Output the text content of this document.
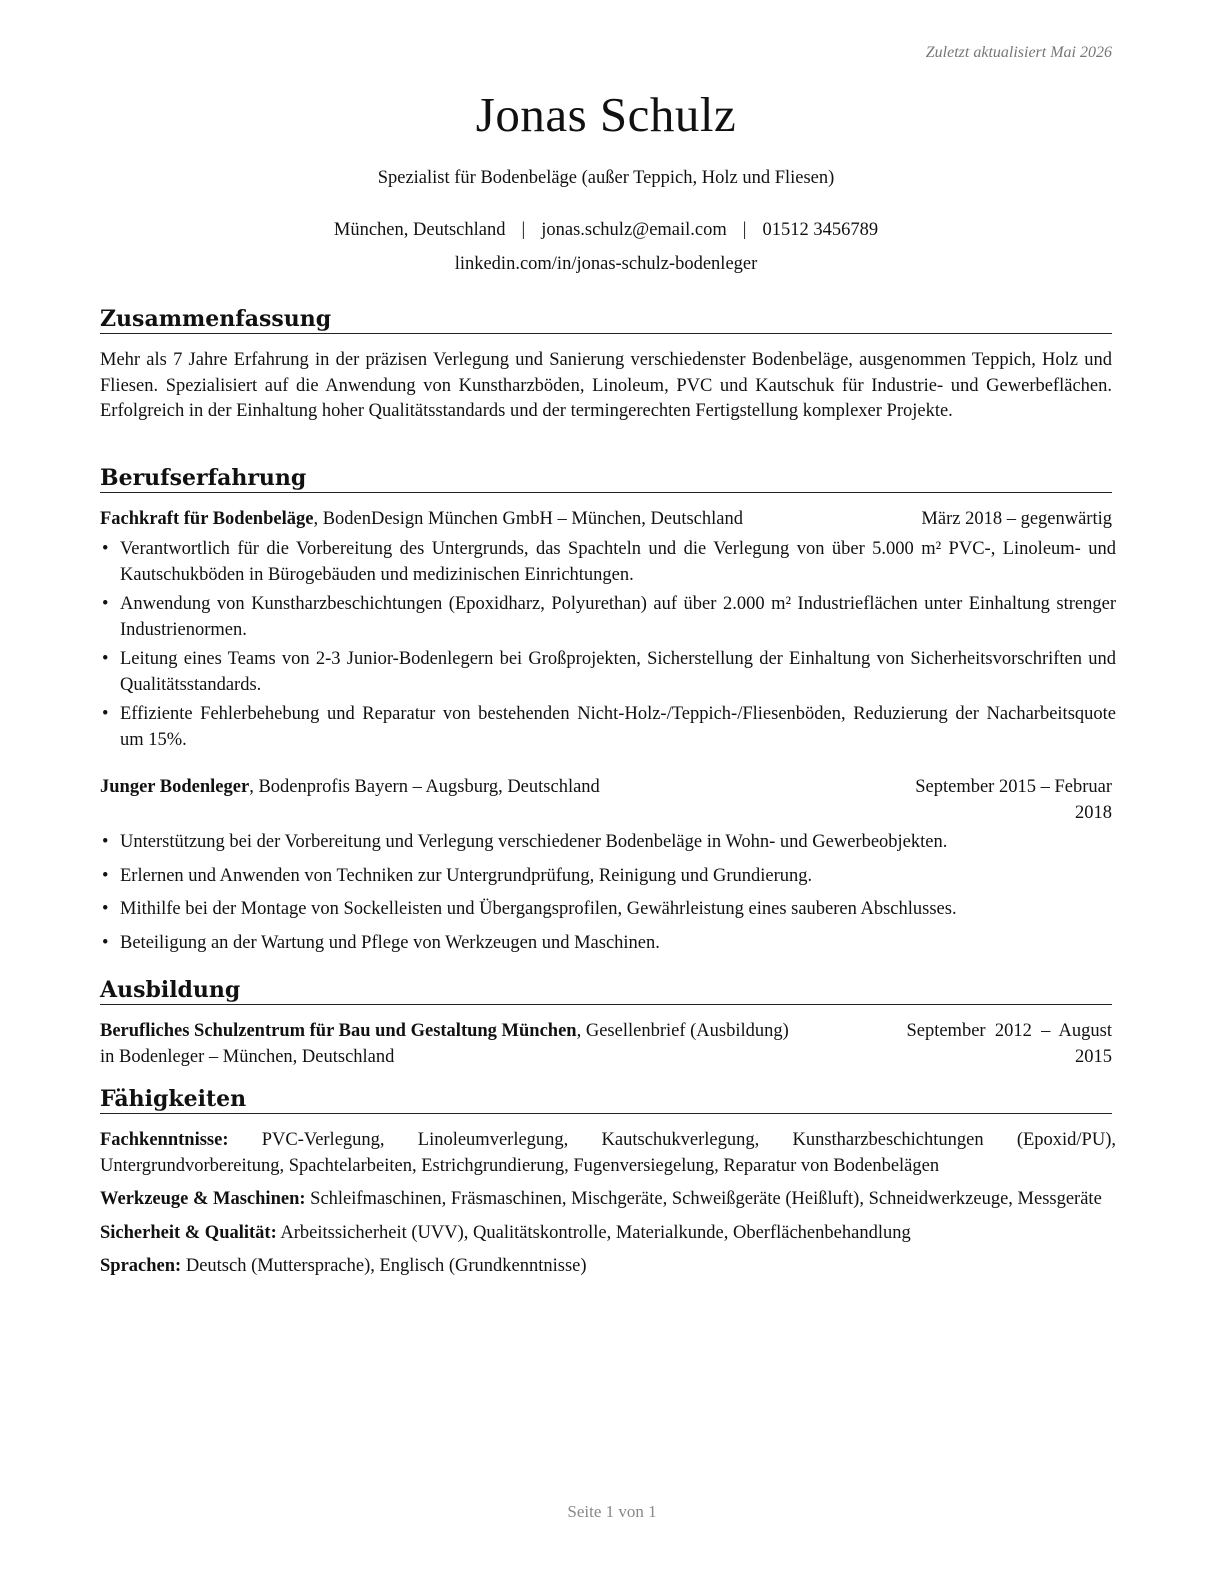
Zuletzt aktualisiert Mai 2026
Jonas Schulz
Spezialist für Bodenbeläge (außer Teppich, Holz und Fliesen)
München, Deutschland | jonas.schulz@email.com | 01512 3456789
linkedin.com/in/jonas-schulz-bodenleger
Zusammenfassung
Mehr als 7 Jahre Erfahrung in der präzisen Verlegung und Sanierung verschiedenster Bodenbeläge, ausgenommen Teppich, Holz und Fliesen. Spezialisiert auf die Anwendung von Kunstharzböden, Linoleum, PVC und Kautschuk für Industrie- und Gewerbeflächen. Erfolgreich in der Einhaltung hoher Qualitätsstandards und der termingerechten Fertigstellung komplexer Projekte.
Berufserfahrung
Fachkraft für Bodenbeläge, BodenDesign München GmbH – München, Deutschland	März 2018 – gegenwärtig
• Verantwortlich für die Vorbereitung des Untergrunds, das Spachteln und die Verlegung von über 5.000 m² PVC-, Linoleum- und Kautschukböden in Bürogebäuden und medizinischen Einrichtungen.
• Anwendung von Kunstharzbeschichtungen (Epoxidharz, Polyurethan) auf über 2.000 m² Industrieflächen unter Einhaltung strenger Industrienormen.
• Leitung eines Teams von 2-3 Junior-Bodenlegern bei Großprojekten, Sicherstellung der Einhaltung von Sicherheitsvorschriften und Qualitätsstandards.
• Effiziente Fehlerbehebung und Reparatur von bestehenden Nicht-Holz-/Teppich-/Fliesenböden, Reduzierung der Nacharbeitsquote um 15%.
Junger Bodenleger, Bodenprofis Bayern – Augsburg, Deutschland	September 2015 – Februar
2018
• Unterstützung bei der Vorbereitung und Verlegung verschiedener Bodenbeläge in Wohn- und Gewerbeobjekten.
• Erlernen und Anwenden von Techniken zur Untergrundprüfung, Reinigung und Grundierung.
• Mithilfe bei der Montage von Sockelleisten und Übergangsprofilen, Gewährleistung eines sauberen Abschlusses.
• Beteiligung an der Wartung und Pflege von Werkzeugen und Maschinen.
Ausbildung
Berufliches Schulzentrum für Bau und Gestaltung München, Gesellenbrief (Ausbildung)
in Bodenleger – München, Deutschland
September  2012  –  August
2015
Fähigkeiten
Fachkenntnisse: PVC-Verlegung, Linoleumverlegung, Kautschukverlegung, Kunstharzbeschichtungen (Epoxid/PU), Untergrundvorbereitung, Spachtelarbeiten, Estrichgrundierung, Fugenversiegelung, Reparatur von Bodenbelägen
Werkzeuge & Maschinen: Schleifmaschinen, Fräsmaschinen, Mischgeräte, Schweißgeräte (Heißluft), Schneidwerkzeuge, Messgeräte
Sicherheit & Qualität: Arbeitssicherheit (UVV), Qualitätskontrolle, Materialkunde, Oberflächenbehandlung
Sprachen: Deutsch (Muttersprache), Englisch (Grundkenntnisse)
Seite 1 von 1
